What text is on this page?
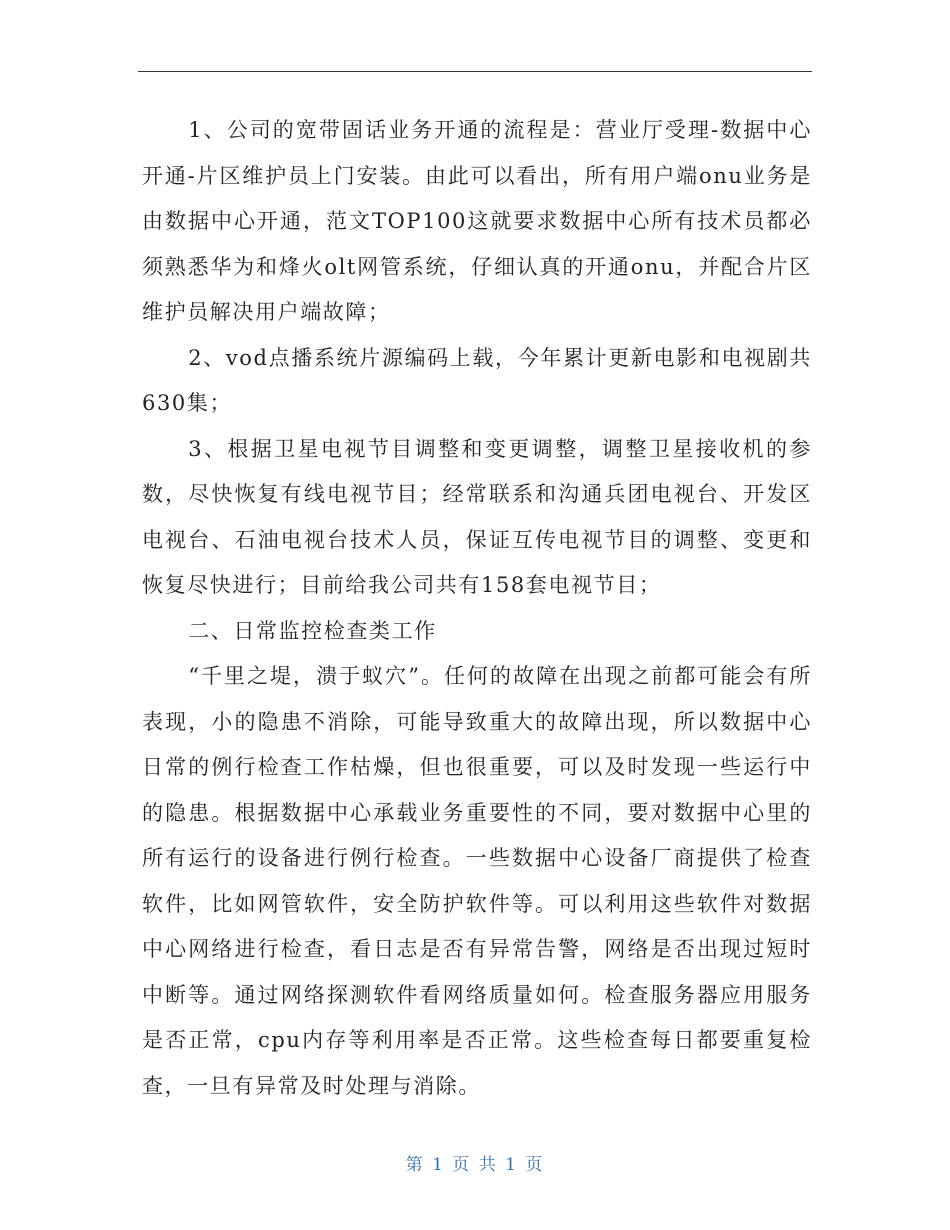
1、公司的宽带固话业务开通的流程是：营业厅受理-数据中心开通-片区维护员上门安装。由此可以看出，所有用户端onu业务是由数据中心开通，范文TOP100这就要求数据中心所有技术员都必须熟悉华为和烽火olt网管系统，仔细认真的开通onu，并配合片区维护员解决用户端故障；

2、vod点播系统片源编码上载，今年累计更新电影和电视剧共630集；

3、根据卫星电视节目调整和变更调整，调整卫星接收机的参数，尽快恢复有线电视节目；经常联系和沟通兵团电视台、开发区电视台、石油电视台技术人员，保证互传电视节目的调整、变更和恢复尽快进行；目前给我公司共有158套电视节目；

二、日常监控检查类工作

“千里之堤，溃于蚁穴”。任何的故障在出现之前都可能会有所表现，小的隐患不消除，可能导致重大的故障出现，所以数据中心日常的例行检查工作枯燥，但也很重要，可以及时发现一些运行中的隐患。根据数据中心承载业务重要性的不同，要对数据中心里的所有运行的设备进行例行检查。一些数据中心设备厂商提供了检查软件，比如网管软件，安全防护软件等。可以利用这些软件对数据中心网络进行检查，看日志是否有异常告警，网络是否出现过短时中断等。通过网络探测软件看网络质量如何。检查服务器应用服务是否正常，cpu内存等利用率是否正常。这些检查每日都要重复检查，一旦有异常及时处理与消除。

第 1 页 共 1 页
